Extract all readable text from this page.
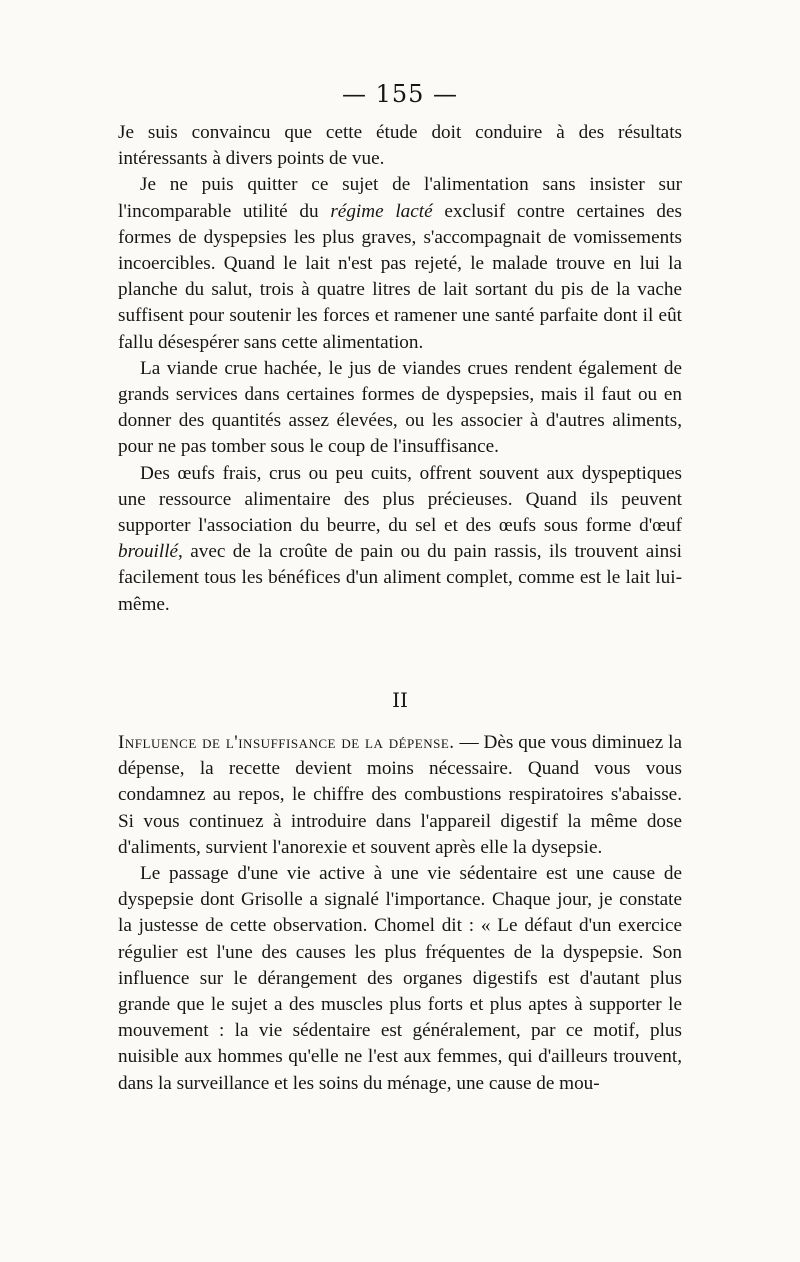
— 155 —

Je suis convaincu que cette étude doit conduire à des résultats intéressants à divers points de vue.

Je ne puis quitter ce sujet de l'alimentation sans insister sur l'incomparable utilité du régime lacté exclusif contre certaines des formes de dyspepsies les plus graves, s'accompagnait de vomissements incoercibles. Quand le lait n'est pas rejeté, le malade trouve en lui la planche du salut, trois à quatre litres de lait sortant du pis de la vache suffisent pour soutenir les forces et ramener une santé parfaite dont il eût fallu désespérer sans cette alimentation.

La viande crue hachée, le jus de viandes crues rendent également de grands services dans certaines formes de dyspepsies, mais il faut ou en donner des quantités assez élevées, ou les associer à d'autres aliments, pour ne pas tomber sous le coup de l'insuffisance.

Des œufs frais, crus ou peu cuits, offrent souvent aux dyspeptiques une ressource alimentaire des plus précieuses. Quand ils peuvent supporter l'association du beurre, du sel et des œufs sous forme d'œuf brouillé, avec de la croûte de pain ou du pain rassis, ils trouvent ainsi facilement tous les bénéfices d'un aliment complet, comme est le lait lui-même.

II

Influence de l'insuffisance de la dépense. — Dès que vous diminuez la dépense, la recette devient moins nécessaire. Quand vous vous condamnez au repos, le chiffre des combustions respiratoires s'abaisse. Si vous continuez à introduire dans l'appareil digestif la même dose d'aliments, survient l'anorexie et souvent après elle la dysepsie.

Le passage d'une vie active à une vie sédentaire est une cause de dyspepsie dont Grisolle a signalé l'importance. Chaque jour, je constate la justesse de cette observation. Chomel dit : « Le défaut d'un exercice régulier est l'une des causes les plus fréquentes de la dyspepsie. Son influence sur le dérangement des organes digestifs est d'autant plus grande que le sujet a des muscles plus forts et plus aptes à supporter le mouvement : la vie sédentaire est généralement, par ce motif, plus nuisible aux hommes qu'elle ne l'est aux femmes, qui d'ailleurs trouvent, dans la surveillance et les soins du ménage, une cause de mou-
